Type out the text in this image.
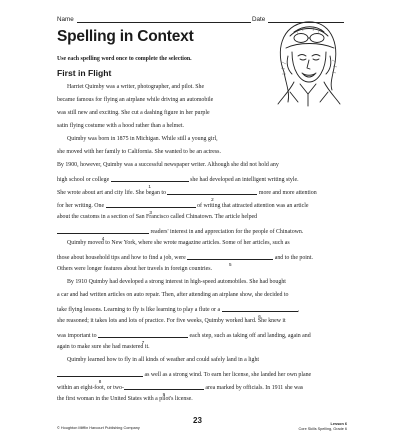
Name	Date
Spelling in Context

Use each spelling word once to complete the selection.

First in Flight
Harriet Quimby was a writer, photographer, and pilot. She
became famous for flying an airplane while driving an automobile
was still new and exciting. She cut a dashing figure in her purple
satin flying costume with a hood rather than a helmet.
Quimby was born in 1875 in Michigan. While still a young girl,
she moved with her family to California. She wanted to be an actress.
By 1900, however, Quimby was a successful newspaper writer. Although she did not hold any
high school or college
1
she had developed an intelligent writing style.
She wrote about art and city life. She began to
2
more and more attention
for her writing. One
3
of writing that attracted attention was an article
about the customs in a section of San Francisco called Chinatown. The article helped
4
readers' interest in and appreciation for the people of Chinatown.
Quimby moved to New York, where she wrote magazine articles. Some of her articles, such as
those about household tips and how to find a job, were
5
and to the point.
Others were longer features about her travels in foreign countries.
By 1910 Quimby had developed a strong interest in high-speed automobiles. She had bought
a car and had written articles on auto repair. Then, after attending an airplane show, she decided to
take flying lessons. Learning to fly is like learning to play a flute or a
6
,
she reasoned; it takes lots and lots of practice. For five weeks, Quimby worked hard. She knew it
was important to
7
each step, such as taking off and landing, again and
again to make sure she had mastered it.
Quimby learned how to fly in all kinds of weather and could safely land in a light
8
as well as a strong wind. To earn her license, she landed her own plane
within an eight-foot, or two-
9
area marked by officials. In 1911 she was
the first woman in the United States with a pilot's license.
23
© Houghton Mifflin Harcourt Publishing Company
Lesson 6
Core Skills Spelling, Grade 6
